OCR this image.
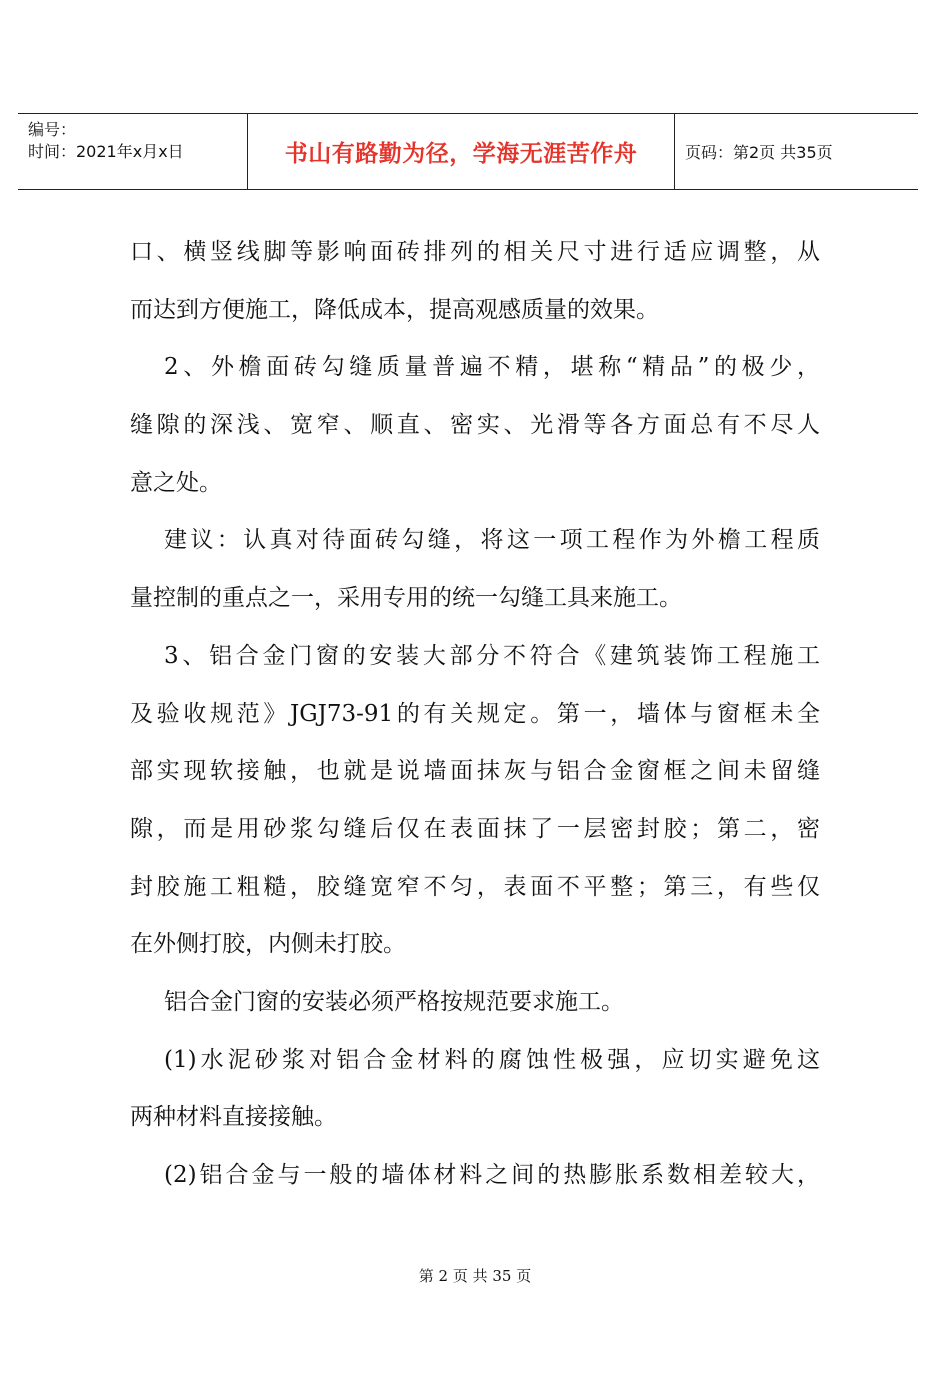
编号：
时间：2021年x月x日	书山有路勤为径，学海无涯苦作舟	页码：第2页 共35页
口、横竖线脚等影响面砖排列的相关尺寸进行适应调整，从
而达到方便施工，降低成本，提高观感质量的效果。
2、外檐面砖勾缝质量普遍不精，堪称“精品”的极少，
缝隙的深浅、宽窄、顺直、密实、光滑等各方面总有不尽人
意之处。
建议：认真对待面砖勾缝，将这一项工程作为外檐工程质
量控制的重点之一，采用专用的统一勾缝工具来施工。
3、铝合金门窗的安装大部分不符合《建筑装饰工程施工
及验收规范》JGJ73-91的有关规定。第一，墙体与窗框未全
部实现软接触，也就是说墙面抹灰与铝合金窗框之间未留缝
隙，而是用砂浆勾缝后仅在表面抹了一层密封胶；第二，密
封胶施工粗糙，胶缝宽窄不匀，表面不平整；第三，有些仅
在外侧打胶，内侧未打胶。
铝合金门窗的安装必须严格按规范要求施工。
(1)水泥砂浆对铝合金材料的腐蚀性极强，应切实避免这
两种材料直接接触。
(2)铝合金与一般的墙体材料之间的热膨胀系数相差较大，
第 2 页 共 35 页
